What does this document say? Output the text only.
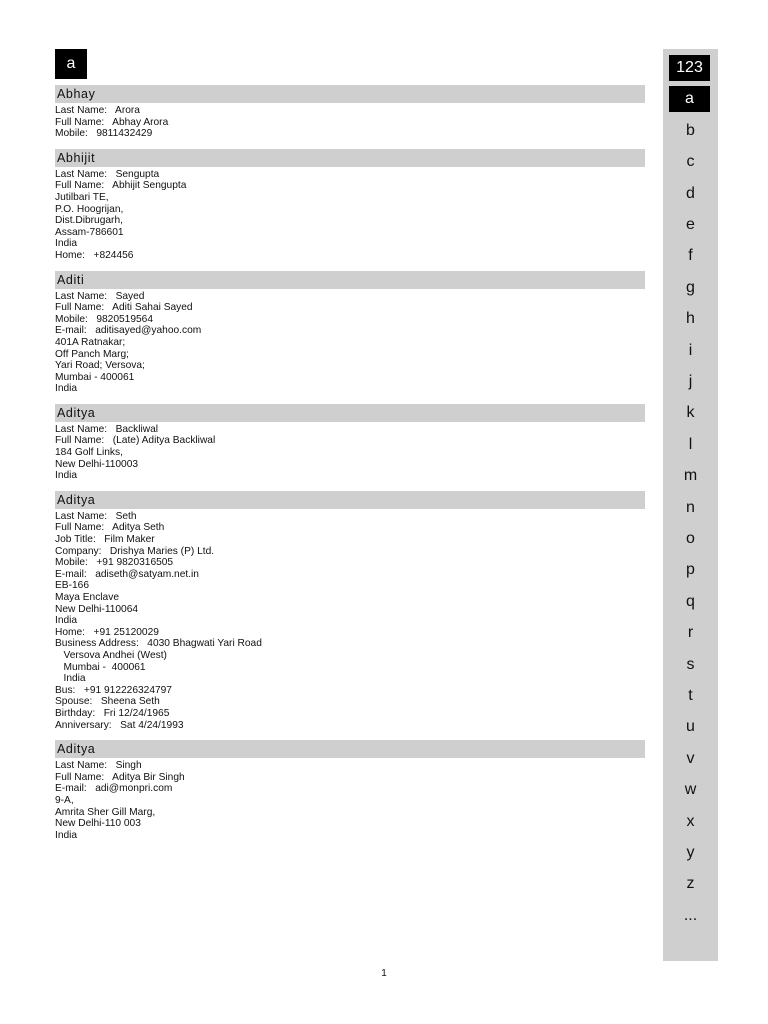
a
Abhay
Last Name:   Arora
Full Name:   Abhay Arora
Mobile:   9811432429
Abhijit
Last Name:   Sengupta
Full Name:   Abhijit Sengupta
Jutilbari TE,
P.O. Hoogrijan,
Dist.Dibrugarh,
Assam-786601
India
Home:   +824456
Aditi
Last Name:   Sayed
Full Name:   Aditi Sahai Sayed
Mobile:   9820519564
E-mail:   aditisayed@yahoo.com
401A Ratnakar;
Off Panch Marg;
Yari Road; Versova;
Mumbai - 400061
India
Aditya
Last Name:   Backliwal
Full Name:   (Late) Aditya Backliwal
184 Golf Links,
New Delhi-110003
India
Aditya
Last Name:   Seth
Full Name:   Aditya Seth
Job Title:   Film Maker
Company:   Drishya Maries (P) Ltd.
Mobile:   +91 9820316505
E-mail:   adiseth@satyam.net.in
EB-166
Maya Enclave
New Delhi-110064
India
Home:   +91 25120029
Business Address:   4030 Bhagwati Yari Road
Versova Andhei (West)
Mumbai -  400061
India
Bus:   +91 912226324797
Spouse:   Sheena Seth
Birthday:   Fri 12/24/1965
Anniversary:   Sat 4/24/1993
Aditya
Last Name:   Singh
Full Name:   Aditya Bir Singh
E-mail:   adi@monpri.com
9-A,
Amrita Sher Gill Marg,
New Delhi-110 003
India
123
a
b
c
d
e
f
g
h
i
j
k
l
m
n
o
p
q
r
s
t
u
v
w
x
y
z
...
1
